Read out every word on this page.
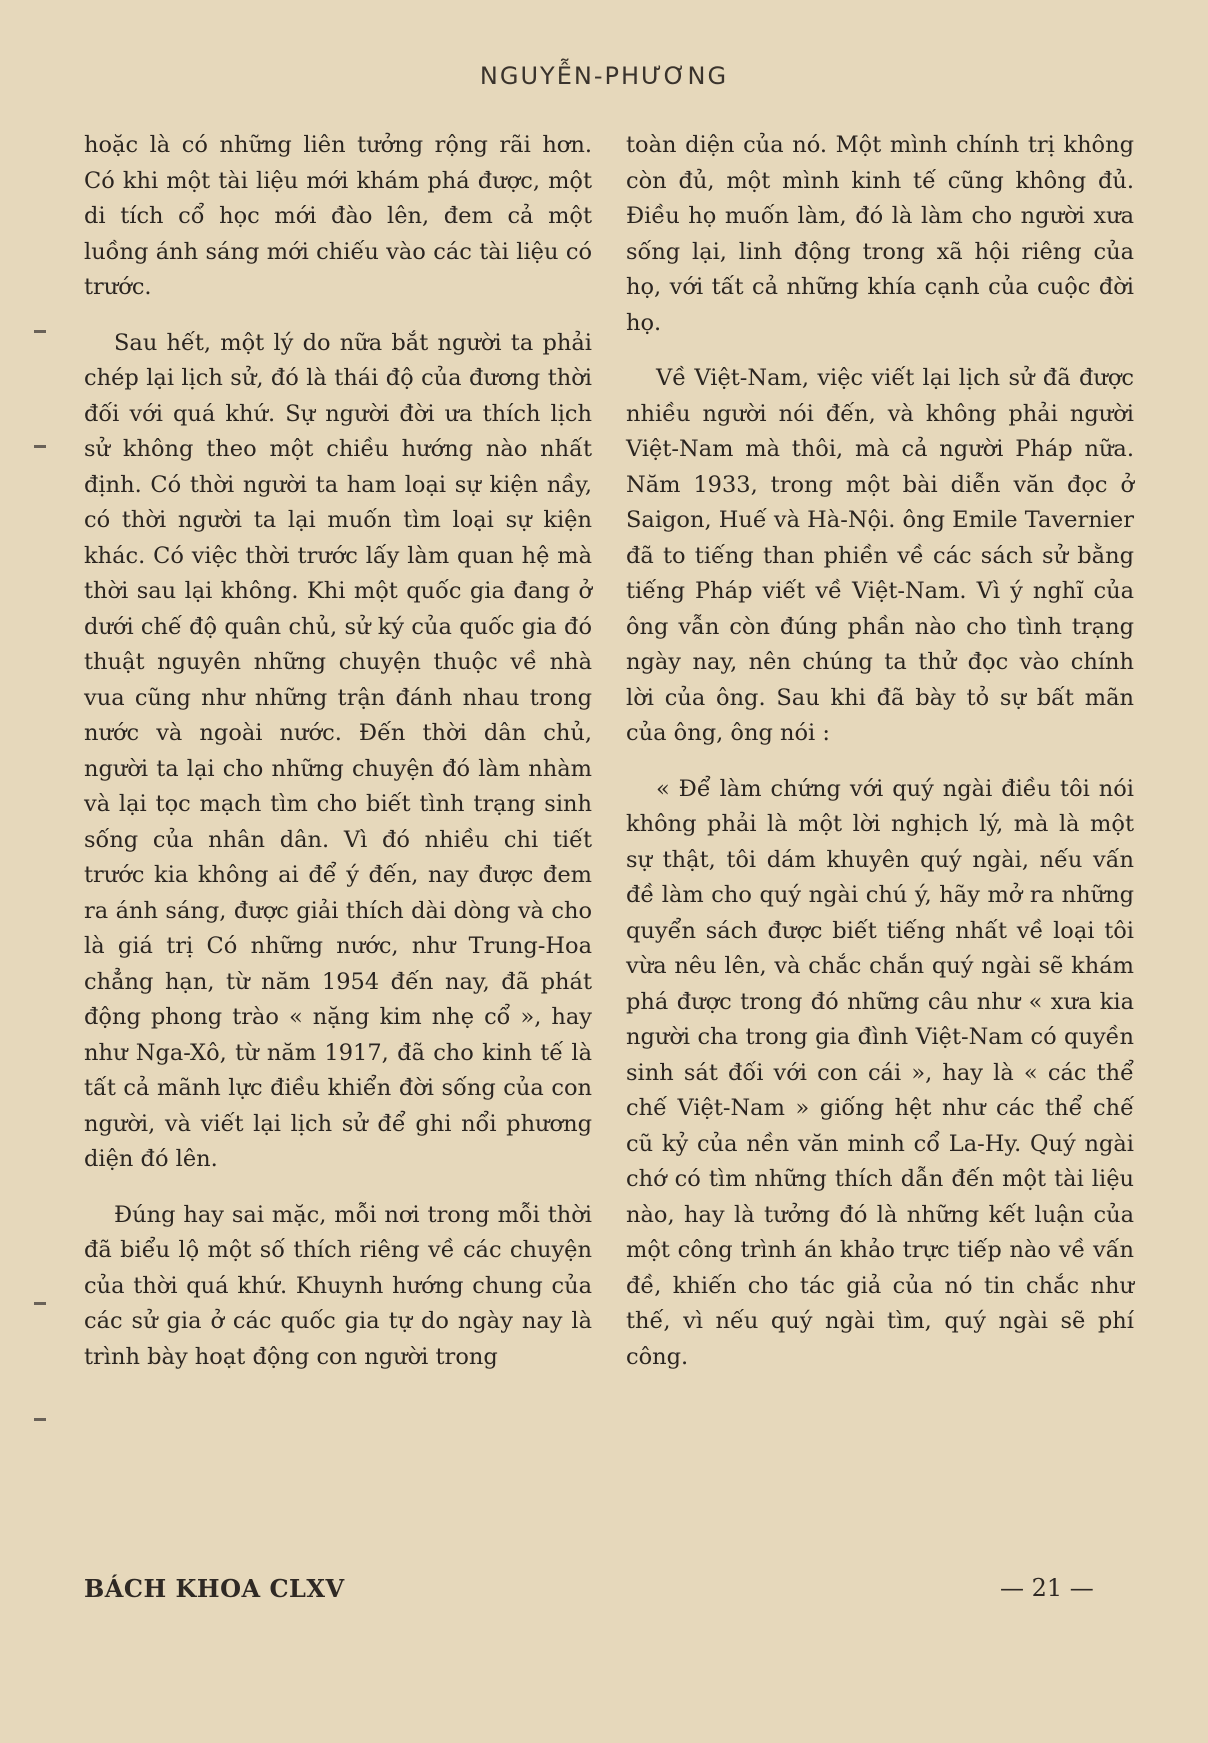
NGUYỄN-PHƯƠNG

hoặc là có những liên tưởng rộng rãi hơn. Có khi một tài liệu mới khám phá được, một di tích cổ học mới đào lên, đem cả một luồng ánh sáng mới chiếu vào các tài liệu có trước.

Sau hết, một lý do nữa bắt người ta phải chép lại lịch sử, đó là thái độ của đương thời đối với quá khứ. Sự người đời ưa thích lịch sử không theo một chiều hướng nào nhất định. Có thời người ta ham loại sự kiện nầy, có thời người ta lại muốn tìm loại sự kiện khác. Có việc thời trước lấy làm quan hệ mà thời sau lại không. Khi một quốc gia đang ở dưới chế độ quân chủ, sử ký của quốc gia đó thuật nguyên những chuyện thuộc về nhà vua cũng như những trận đánh nhau trong nước và ngoài nước. Đến thời dân chủ, người ta lại cho những chuyện đó làm nhàm và lại tọc mạch tìm cho biết tình trạng sinh sống của nhân dân. Vì đó nhiều chi tiết trước kia không ai để ý đến, nay được đem ra ánh sáng, được giải thích dài dòng và cho là giá trị Có những nước, như Trung-Hoa chẳng hạn, từ năm 1954 đến nay, đã phát động phong trào « nặng kim nhẹ cổ », hay như Nga-Xô, từ năm 1917, đã cho kinh tế là tất cả mãnh lực điều khiển đời sống của con người, và viết lại lịch sử để ghi nổi phương diện đó lên.

Đúng hay sai mặc, mỗi nơi trong mỗi thời đã biểu lộ một số thích riêng về các chuyện của thời quá khứ. Khuynh hướng chung của các sử gia ở các quốc gia tự do ngày nay là trình bày hoạt động con người trong

toàn diện của nó. Một mình chính trị không còn đủ, một mình kinh tế cũng không đủ. Điều họ muốn làm, đó là làm cho người xưa sống lại, linh động trong xã hội riêng của họ, với tất cả những khía cạnh của cuộc đời họ.

Về Việt-Nam, việc viết lại lịch sử đã được nhiều người nói đến, và không phải người Việt-Nam mà thôi, mà cả người Pháp nữa. Năm 1933, trong một bài diễn văn đọc ở Saigon, Huế và Hà-Nội. ông Emile Tavernier đã to tiếng than phiền về các sách sử bằng tiếng Pháp viết về Việt-Nam. Vì ý nghĩ của ông vẫn còn đúng phần nào cho tình trạng ngày nay, nên chúng ta thử đọc vào chính lời của ông. Sau khi đã bày tỏ sự bất mãn của ông, ông nói :

« Để làm chứng với quý ngài điều tôi nói không phải là một lời nghịch lý, mà là một sự thật, tôi dám khuyên quý ngài, nếu vấn đề làm cho quý ngài chú ý, hãy mở ra những quyển sách được biết tiếng nhất về loại tôi vừa nêu lên, và chắc chắn quý ngài sẽ khám phá được trong đó những câu như « xưa kia người cha trong gia đình Việt-Nam có quyền sinh sát đối với con cái », hay là « các thể chế Việt-Nam » giống hệt như các thể chế cũ kỷ của nền văn minh cổ La-Hy. Quý ngài chớ có tìm những thích dẫn đến một tài liệu nào, hay là tưởng đó là những kết luận của một công trình án khảo trực tiếp nào về vấn đề, khiến cho tác giả của nó tin chắc như thế, vì nếu quý ngài tìm, quý ngài sẽ phí công.

BÁCH KHOA CLXV	— 21 —
